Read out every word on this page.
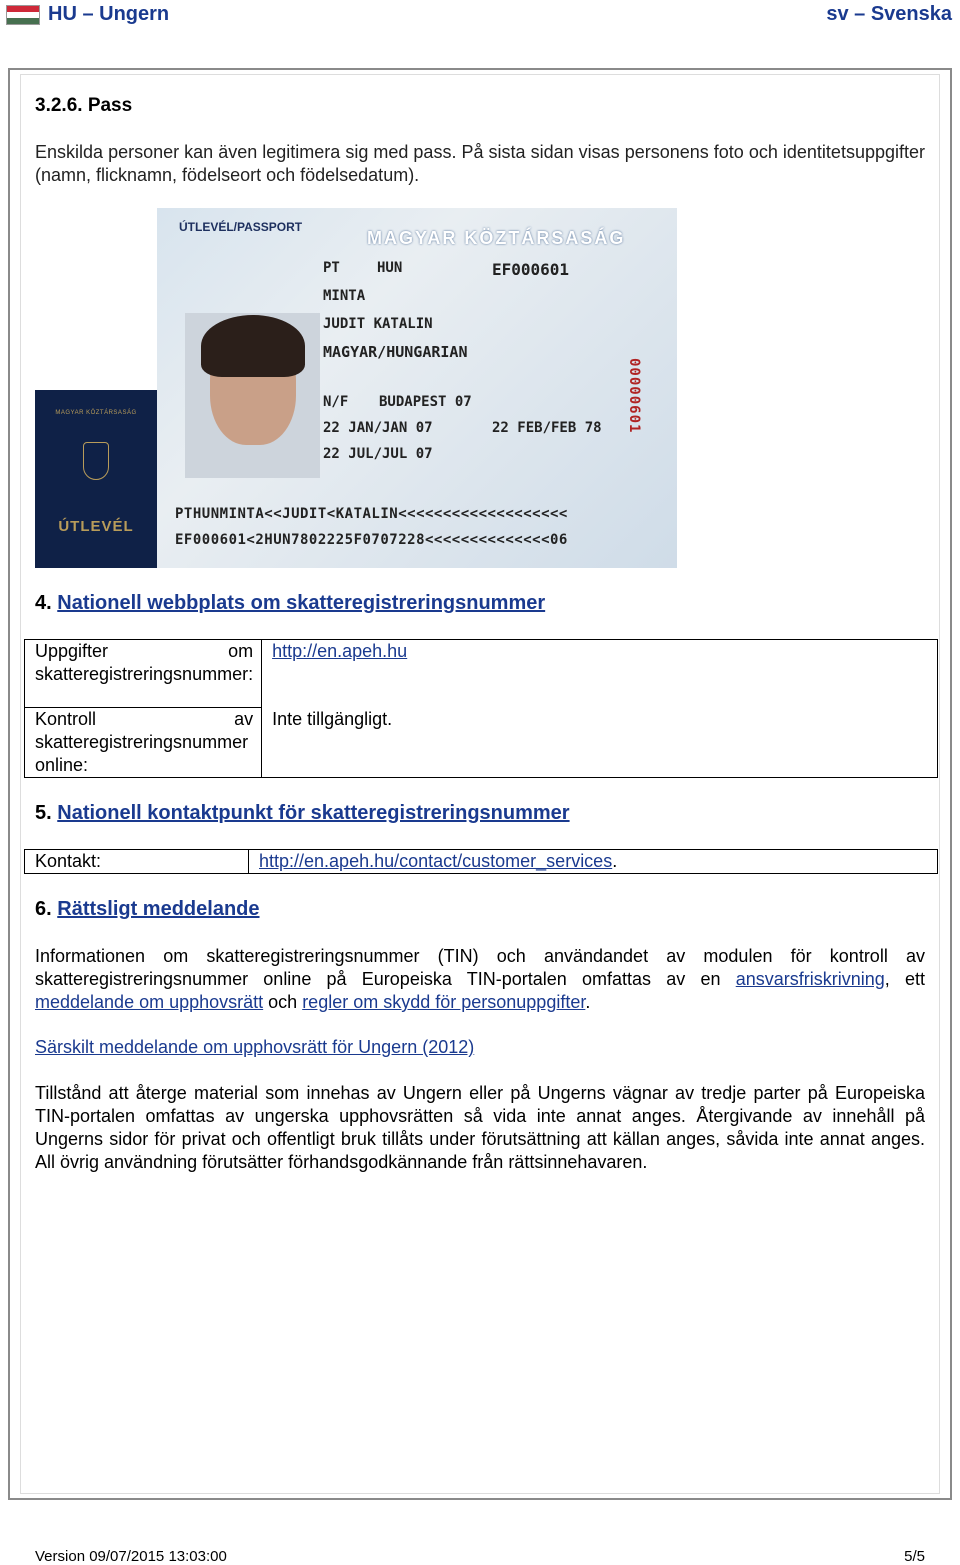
HU – Ungern	sv – Svenska
3.2.6. Pass
Enskilda personer kan även legitimera sig med pass. På sista sidan visas personens foto och identitetsuppgifter (namn, flicknamn, födelseort och födelsedatum).
MAGYAR KÖZTÁRSASÁG
ÚTLEVÉL
ÚTLEVÉL/PASSPORT
MAGYAR KÖZTÁRSASÁG
PT	HUN	EF000601
MINTA
JUDIT KATALIN
MAGYAR/HUNGARIAN
N/F BUDAPEST 07
22 JAN/JAN 07	22 FEB/FEB 78
22 JUL/JUL 07
00000601
PTHUNMINTA<<JUDIT<KATALIN<<<<<<<<<<<<<<<<<<<
EF000601<2HUN7802225F0707228<<<<<<<<<<<<<<06
4. Nationell webbplats om skatteregistreringsnummer
Uppgifter om skatteregistreringsnummer:	http://en.apeh.hu
Kontroll av skatteregistreringsnummer online:	Inte tillgängligt.
5. Nationell kontaktpunkt för skatteregistreringsnummer
Kontakt:	http://en.apeh.hu/contact/customer_services.
6. Rättsligt meddelande
Informationen om skatteregistreringsnummer (TIN) och användandet av modulen för kontroll av skatteregistreringsnummer online på Europeiska TIN-portalen omfattas av en ansvarsfriskrivning, ett meddelande om upphovsrätt och regler om skydd för personuppgifter.
Särskilt meddelande om upphovsrätt för Ungern (2012)
Tillstånd att återge material som innehas av Ungern eller på Ungerns vägnar av tredje parter på Europeiska TIN-portalen omfattas av ungerska upphovsrätten så vida inte annat anges. Återgivande av innehåll på Ungerns sidor för privat och offentligt bruk tillåts under förutsättning att källan anges, såvida inte annat anges. All övrig användning förutsätter förhandsgodkännande från rättsinnehavaren.
Version 09/07/2015 13:03:00	5/5
